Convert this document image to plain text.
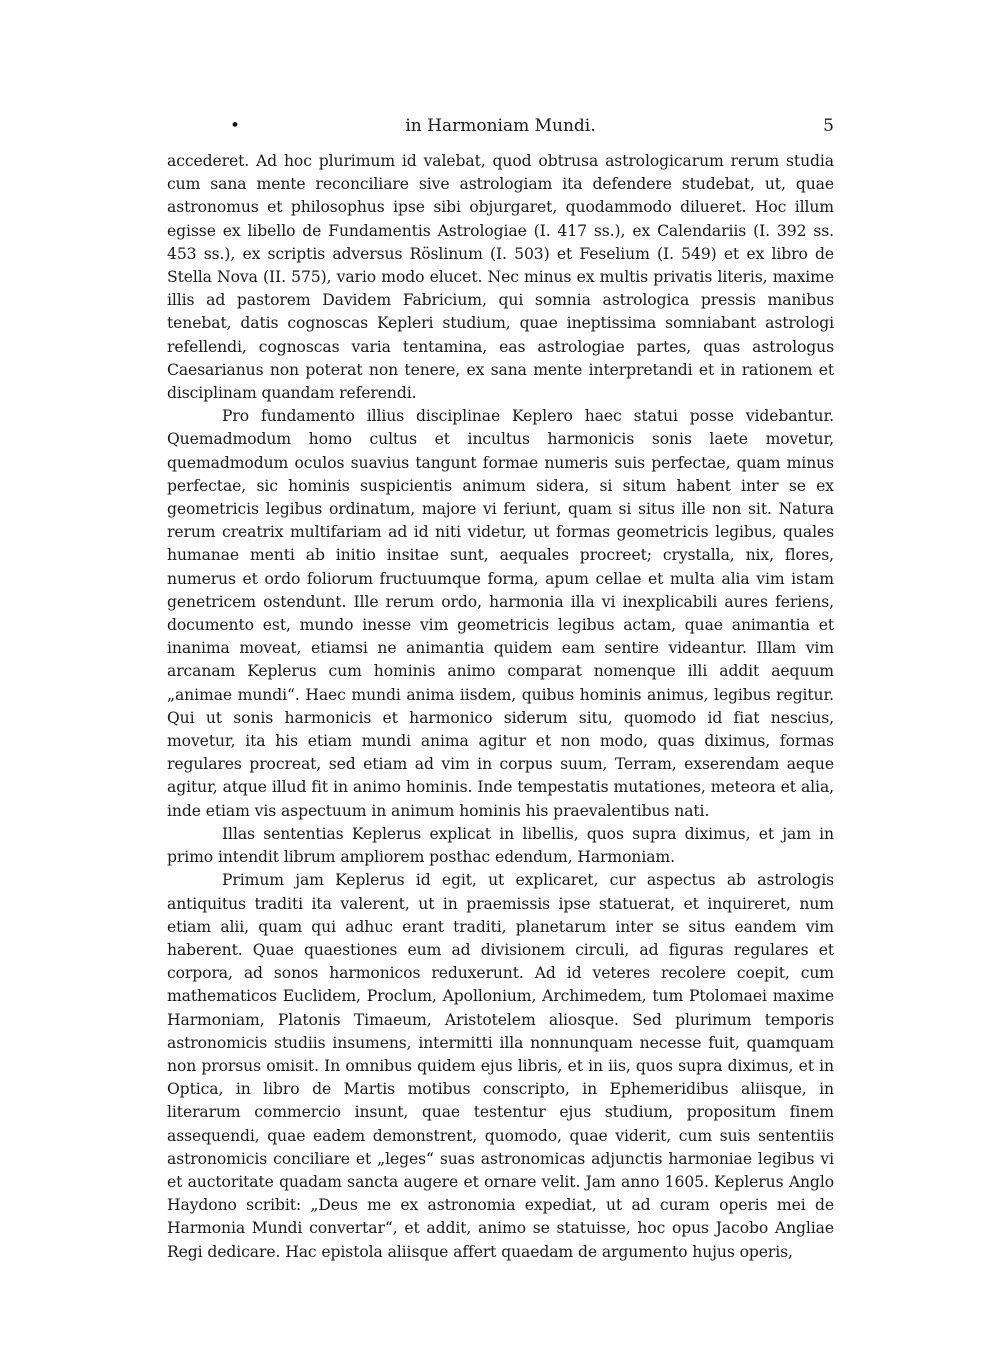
•	in Harmoniam Mundi.	5

accederet. Ad hoc plurimum id valebat, quod obtrusa astrologicarum rerum studia cum sana mente reconciliare sive astrologiam ita defendere studebat, ut, quae astronomus et philosophus ipse sibi objurgaret, quodammodo dilueret. Hoc illum egisse ex libello de Fundamentis Astrologiae (I. 417 ss.), ex Calendariis (I. 392 ss. 453 ss.), ex scriptis adversus Röslinum (I. 503) et Feselium (I. 549) et ex libro de Stella Nova (II. 575), vario modo elucet. Nec minus ex multis privatis literis, maxime illis ad pastorem Davidem Fabricium, qui somnia astrologica pressis manibus tenebat, datis cognoscas Kepleri studium, quae ineptissima somniabant astrologi refellendi, cognoscas varia tentamina, eas astrologiae partes, quas astrologus Caesarianus non poterat non tenere, ex sana mente interpretandi et in rationem et disciplinam quandam referendi.

Pro fundamento illius disciplinae Keplero haec statui posse videbantur. Quemadmodum homo cultus et incultus harmonicis sonis laete movetur, quemadmodum oculos suavius tangunt formae numeris suis perfectae, quam minus perfectae, sic hominis suspicientis animum sidera, si situm habent inter se ex geometricis legibus ordinatum, majore vi feriunt, quam si situs ille non sit. Natura rerum creatrix multifariam ad id niti videtur, ut formas geometricis legibus, quales humanae menti ab initio insitae sunt, aequales procreet; crystalla, nix, flores, numerus et ordo foliorum fructuumque forma, apum cellae et multa alia vim istam genetricem ostendunt. Ille rerum ordo, harmonia illa vi inexplicabili aures feriens, documento est, mundo inesse vim geometricis legibus actam, quae animantia et inanima moveat, etiamsi ne animantia quidem eam sentire videantur. Illam vim arcanam Keplerus cum hominis animo comparat nomenque illi addit aequum „animae mundi“. Haec mundi anima iisdem, quibus hominis animus, legibus regitur. Qui ut sonis harmonicis et harmonico siderum situ, quomodo id fiat nescius, movetur, ita his etiam mundi anima agitur et non modo, quas diximus, formas regulares procreat, sed etiam ad vim in corpus suum, Terram, exserendam aeque agitur, atque illud fit in animo hominis. Inde tempestatis mutationes, meteora et alia, inde etiam vis aspectuum in animum hominis his praevalentibus nati.

Illas sententias Keplerus explicat in libellis, quos supra diximus, et jam in primo intendit librum ampliorem posthac edendum, Harmoniam.

Primum jam Keplerus id egit, ut explicaret, cur aspectus ab astrologis antiquitus traditi ita valerent, ut in praemissis ipse statuerat, et inquireret, num etiam alii, quam qui adhuc erant traditi, planetarum inter se situs eandem vim haberent. Quae quaestiones eum ad divisionem circuli, ad figuras regulares et corpora, ad sonos harmonicos reduxerunt. Ad id veteres recolere coepit, cum mathematicos Euclidem, Proclum, Apollonium, Archimedem, tum Ptolomaei maxime Harmoniam, Platonis Timaeum, Aristotelem aliosque. Sed plurimum temporis astronomicis studiis insumens, intermitti illa nonnunquam necesse fuit, quamquam non prorsus omisit. In omnibus quidem ejus libris, et in iis, quos supra diximus, et in Optica, in libro de Martis motibus conscripto, in Ephemeridibus aliisque, in literarum commercio insunt, quae testentur ejus studium, propositum finem assequendi, quae eadem demonstrent, quomodo, quae viderit, cum suis sententiis astronomicis conciliare et „leges“ suas astronomicas adjunctis harmoniae legibus vi et auctoritate quadam sancta augere et ornare velit. Jam anno 1605. Keplerus Anglo Haydono scribit: „Deus me ex astronomia expediat, ut ad curam operis mei de Harmonia Mundi convertar“, et addit, animo se statuisse, hoc opus Jacobo Angliae Regi dedicare. Hac epistola aliisque affert quaedam de argumento hujus operis,
